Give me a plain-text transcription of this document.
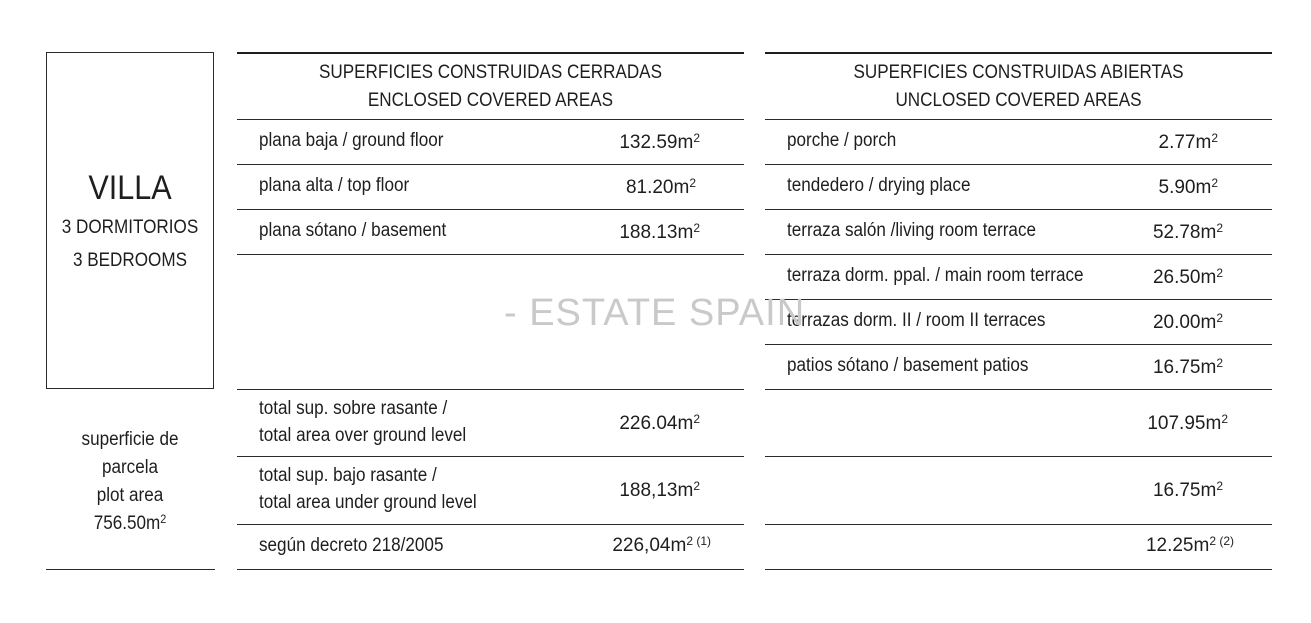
VILLA
3 DORMITORIOS
3 BEDROOMS
superficie de
parcela
plot area
$756.50m^2$
SUPERFICIES CONSTRUIDAS CERRADAS
ENCLOSED COVERED AREAS
plana baja / ground floor	$132.59m^2$
plana alta / top floor	$81.20m^2$
plana sótano / basement	$188.13m^2$
total sup. sobre rasante /
total area over ground level
$226.04m^2$
total sup. bajo rasante /
total area under ground level
$188,13m^2$
según decreto 218/2005	$226,04m^{2 (1)}$
SUPERFICIES CONSTRUIDAS ABIERTAS
UNCLOSED COVERED AREAS
porche / porch	$2.77m^2$
tendedero / drying place	$5.90m^2$
terraza salón /living room terrace	$52.78m^2$
terraza dorm. ppal. / main room terrace	$26.50m^2$
terrazas dorm. II / room II terraces	$20.00m^2$
patios sótano / basement patios	$16.75m^2$
$107.95m^2$
$16.75m^2$
$12.25m^{2 (2)}$
- ESTATE SPAIN
